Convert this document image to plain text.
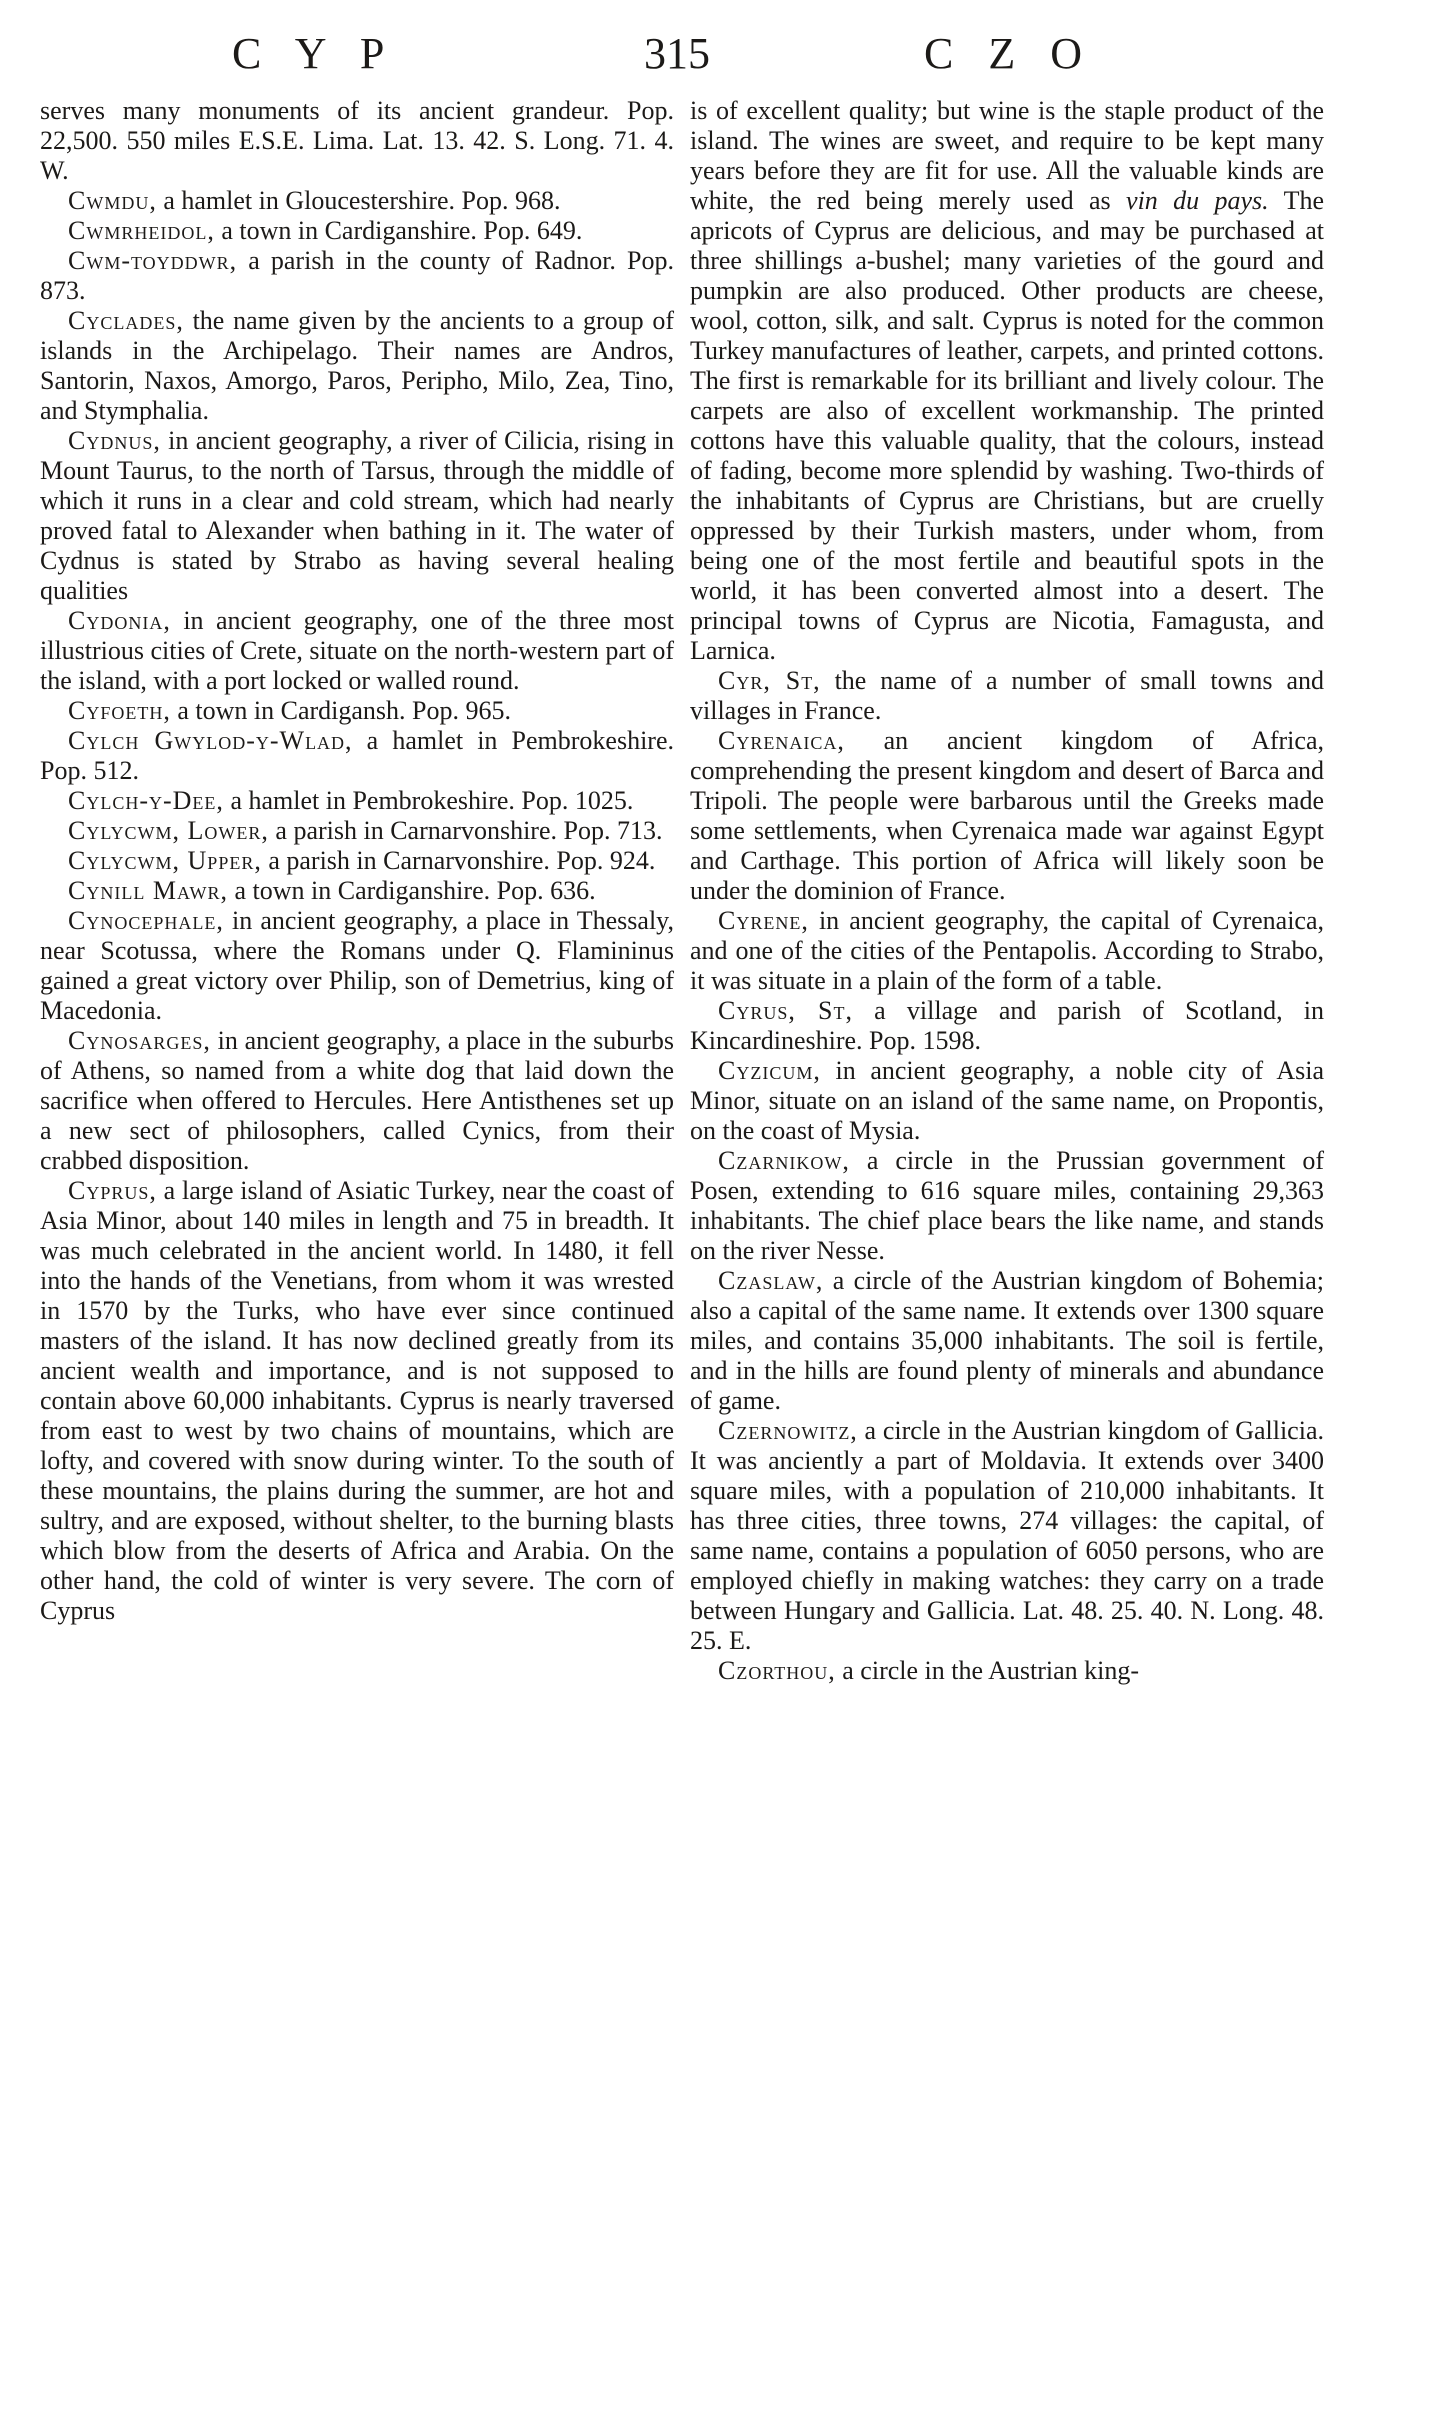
C Y P	315	C Z O

serves many monuments of its ancient grandeur. Pop. 22,500. 550 miles E.S.E. Lima. Lat. 13. 42. S. Long. 71. 4. W.

Cwmdu, a hamlet in Gloucestershire. Pop. 968.

Cwmrheidol, a town in Cardiganshire. Pop. 649.

Cwm-toyddwr, a parish in the county of Radnor. Pop. 873.

Cyclades, the name given by the ancients to a group of islands in the Archipelago. Their names are Andros, Santorin, Naxos, Amorgo, Paros, Peripho, Milo, Zea, Tino, and Stymphalia.

Cydnus, in ancient geography, a river of Cilicia, rising in Mount Taurus, to the north of Tarsus, through the middle of which it runs in a clear and cold stream, which had nearly proved fatal to Alexander when bathing in it. The water of Cydnus is stated by Strabo as having several healing qualities

Cydonia, in ancient geography, one of the three most illustrious cities of Crete, situate on the north-western part of the island, with a port locked or walled round.

Cyfoeth, a town in Cardigansh. Pop. 965.

Cylch Gwylod-y-Wlad, a hamlet in Pembrokeshire. Pop. 512.

Cylch-y-Dee, a hamlet in Pembrokeshire. Pop. 1025.

Cylycwm, Lower, a parish in Carnarvonshire. Pop. 713.

Cylycwm, Upper, a parish in Carnarvonshire. Pop. 924.

Cynill Mawr, a town in Cardiganshire. Pop. 636.

Cynocephale, in ancient geography, a place in Thessaly, near Scotussa, where the Romans under Q. Flamininus gained a great victory over Philip, son of Demetrius, king of Macedonia.

Cynosarges, in ancient geography, a place in the suburbs of Athens, so named from a white dog that laid down the sacrifice when offered to Hercules. Here Antisthenes set up a new sect of philosophers, called Cynics, from their crabbed disposition.

Cyprus, a large island of Asiatic Turkey, near the coast of Asia Minor, about 140 miles in length and 75 in breadth. It was much celebrated in the ancient world. In 1480, it fell into the hands of the Venetians, from whom it was wrested in 1570 by the Turks, who have ever since continued masters of the island. It has now declined greatly from its ancient wealth and importance, and is not supposed to contain above 60,000 inhabitants. Cyprus is nearly traversed from east to west by two chains of mountains, which are lofty, and covered with snow during winter. To the south of these mountains, the plains during the summer, are hot and sultry, and are exposed, without shelter, to the burning blasts which blow from the deserts of Africa and Arabia. On the other hand, the cold of winter is very severe. The corn of Cyprus

is of excellent quality; but wine is the staple product of the island. The wines are sweet, and require to be kept many years before they are fit for use. All the valuable kinds are white, the red being merely used as vin du pays. The apricots of Cyprus are delicious, and may be purchased at three shillings a-bushel; many varieties of the gourd and pumpkin are also produced. Other products are cheese, wool, cotton, silk, and salt. Cyprus is noted for the common Turkey manufactures of leather, carpets, and printed cottons. The first is remarkable for its brilliant and lively colour. The carpets are also of excellent workmanship. The printed cottons have this valuable quality, that the colours, instead of fading, become more splendid by washing. Two-thirds of the inhabitants of Cyprus are Christians, but are cruelly oppressed by their Turkish masters, under whom, from being one of the most fertile and beautiful spots in the world, it has been converted almost into a desert. The principal towns of Cyprus are Nicotia, Famagusta, and Larnica.

Cyr, St, the name of a number of small towns and villages in France.

Cyrenaica, an ancient kingdom of Africa, comprehending the present kingdom and desert of Barca and Tripoli. The people were barbarous until the Greeks made some settlements, when Cyrenaica made war against Egypt and Carthage. This portion of Africa will likely soon be under the dominion of France.

Cyrene, in ancient geography, the capital of Cyrenaica, and one of the cities of the Pentapolis. According to Strabo, it was situate in a plain of the form of a table.

Cyrus, St, a village and parish of Scotland, in Kincardineshire. Pop. 1598.

Cyzicum, in ancient geography, a noble city of Asia Minor, situate on an island of the same name, on Propontis, on the coast of Mysia.

Czarnikow, a circle in the Prussian government of Posen, extending to 616 square miles, containing 29,363 inhabitants. The chief place bears the like name, and stands on the river Nesse.

Czaslaw, a circle of the Austrian kingdom of Bohemia; also a capital of the same name. It extends over 1300 square miles, and contains 35,000 inhabitants. The soil is fertile, and in the hills are found plenty of minerals and abundance of game.

Czernowitz, a circle in the Austrian kingdom of Gallicia. It was anciently a part of Moldavia. It extends over 3400 square miles, with a population of 210,000 inhabitants. It has three cities, three towns, 274 villages: the capital, of same name, contains a population of 6050 persons, who are employed chiefly in making watches: they carry on a trade between Hungary and Gallicia. Lat. 48. 25. 40. N. Long. 48. 25. E.

Czorthou, a circle in the Austrian king-
